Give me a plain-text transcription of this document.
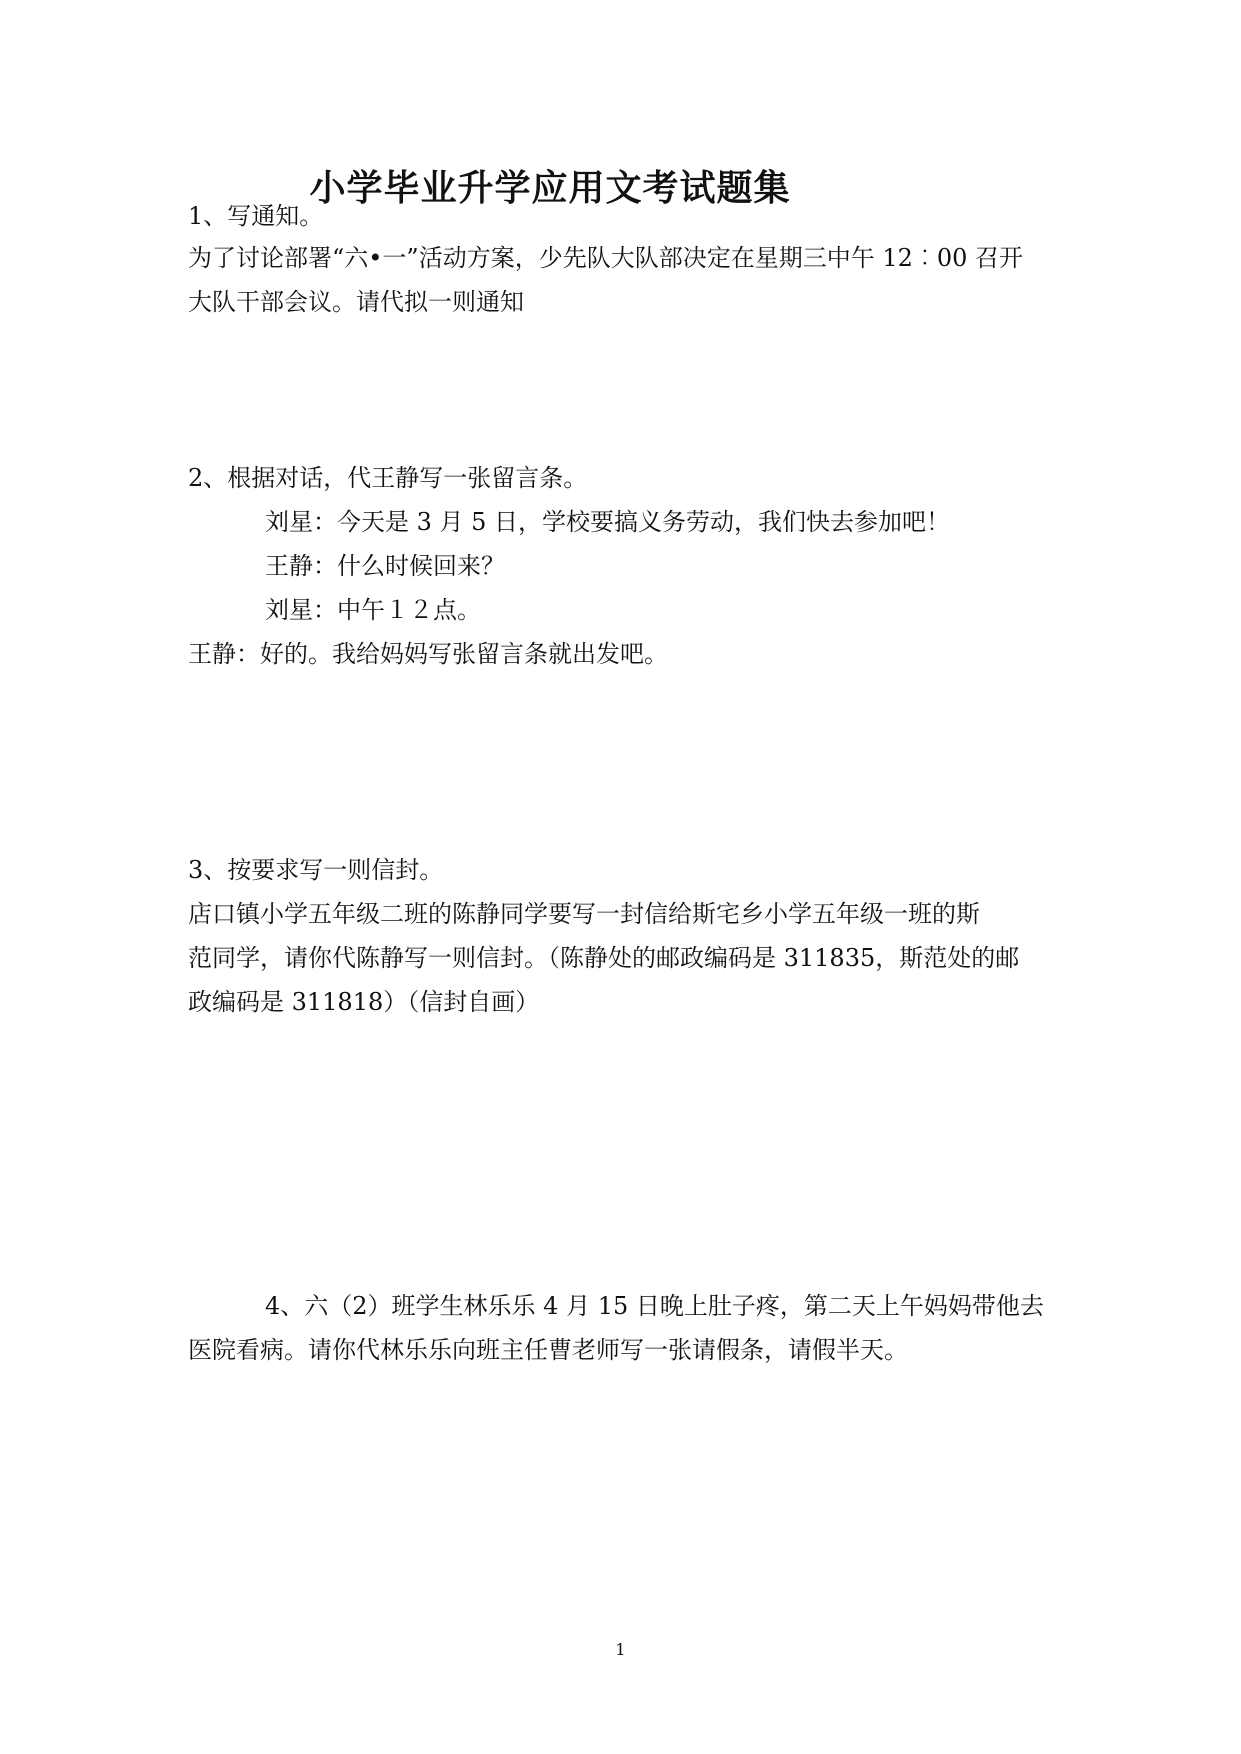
小学毕业升学应用文考试题集

1、写通知。

为了讨论部署“六•一”活动方案，少先队大队部决定在星期三中午 12︰00 召开

大队干部会议。请代拟一则通知

2、根据对话，代王静写一张留言条。

刘星：今天是 3 月 5 日，学校要搞义务劳动，我们快去参加吧！

王静：什么时候回来？

刘星：中午１２点。

王静：好的。我给妈妈写张留言条就出发吧。

3、按要求写一则信封。

店口镇小学五年级二班的陈静同学要写一封信给斯宅乡小学五年级一班的斯

范同学，请你代陈静写一则信封。（陈静处的邮政编码是 311835，斯范处的邮

政编码是 311818）（信封自画）

4、六（2）班学生林乐乐 4 月 15 日晚上肚子疼，第二天上午妈妈带他去

医院看病。请你代林乐乐向班主任曹老师写一张请假条，请假半天。

1
